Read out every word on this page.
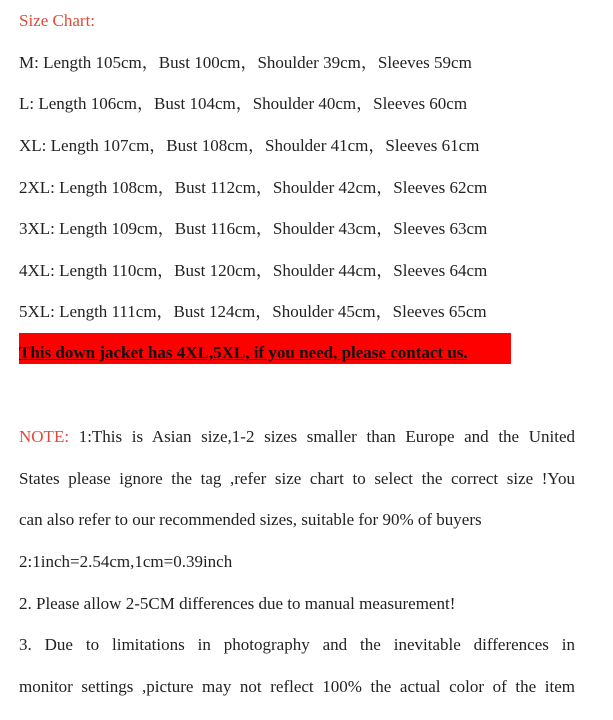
Size Chart:
M: Length 105cm，Bust 100cm，Shoulder 39cm，Sleeves 59cm
L: Length 106cm，Bust 104cm，Shoulder 40cm，Sleeves 60cm
XL: Length 107cm，Bust 108cm，Shoulder 41cm，Sleeves 61cm
2XL: Length 108cm，Bust 112cm，Shoulder 42cm，Sleeves 62cm
3XL: Length 109cm，Bust 116cm，Shoulder 43cm，Sleeves 63cm
4XL: Length 110cm，Bust 120cm，Shoulder 44cm，Sleeves 64cm
5XL: Length 111cm，Bust 124cm，Shoulder 45cm，Sleeves 65cm
This down jacket has 4XL,5XL, if you need, please contact us.
NOTE: 1:This is Asian size,1-2 sizes smaller than Europe and the United
States please ignore the tag ,refer size chart to select the correct size !You
can also refer to our recommended sizes, suitable for 90% of buyers
2:1inch=2.54cm,1cm=0.39inch
2. Please allow 2-5CM differences due to manual measurement!
3. Due to limitations in photography and the inevitable differences in
monitor settings ,picture may not reflect 100% the actual color of the item
